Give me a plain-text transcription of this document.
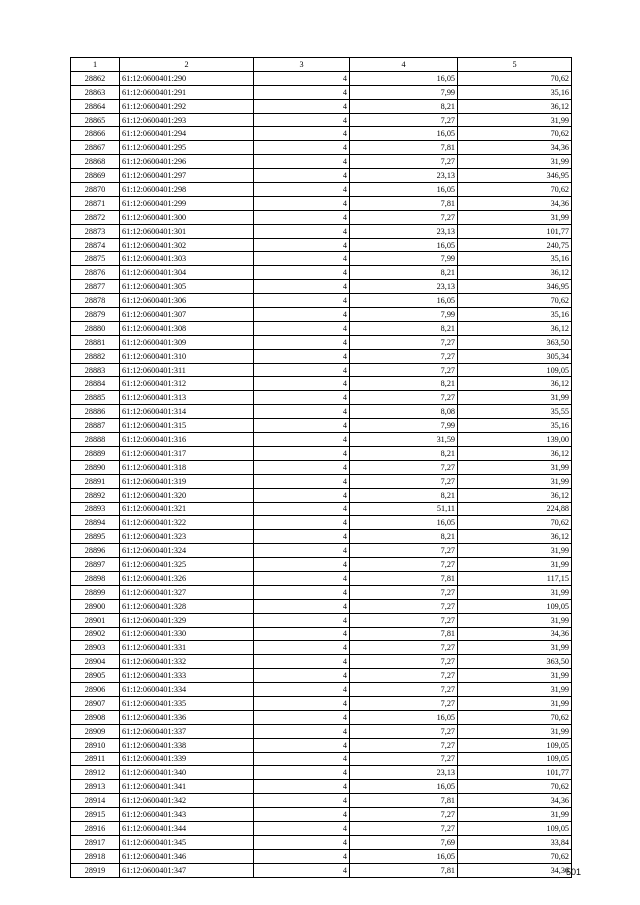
1	2	3	4	5
28862	61:12:0600401:290	4	16,05	70,62
28863	61:12:0600401:291	4	7,99	35,16
28864	61:12:0600401:292	4	8,21	36,12
28865	61:12:0600401:293	4	7,27	31,99
28866	61:12:0600401:294	4	16,05	70,62
28867	61:12:0600401:295	4	7,81	34,36
28868	61:12:0600401:296	4	7,27	31,99
28869	61:12:0600401:297	4	23,13	346,95
28870	61:12:0600401:298	4	16,05	70,62
28871	61:12:0600401:299	4	7,81	34,36
28872	61:12:0600401:300	4	7,27	31,99
28873	61:12:0600401:301	4	23,13	101,77
28874	61:12:0600401:302	4	16,05	240,75
28875	61:12:0600401:303	4	7,99	35,16
28876	61:12:0600401:304	4	8,21	36,12
28877	61:12:0600401:305	4	23,13	346,95
28878	61:12:0600401:306	4	16,05	70,62
28879	61:12:0600401:307	4	7,99	35,16
28880	61:12:0600401:308	4	8,21	36,12
28881	61:12:0600401:309	4	7,27	363,50
28882	61:12:0600401:310	4	7,27	305,34
28883	61:12:0600401:311	4	7,27	109,05
28884	61:12:0600401:312	4	8,21	36,12
28885	61:12:0600401:313	4	7,27	31,99
28886	61:12:0600401:314	4	8,08	35,55
28887	61:12:0600401:315	4	7,99	35,16
28888	61:12:0600401:316	4	31,59	139,00
28889	61:12:0600401:317	4	8,21	36,12
28890	61:12:0600401:318	4	7,27	31,99
28891	61:12:0600401:319	4	7,27	31,99
28892	61:12:0600401:320	4	8,21	36,12
28893	61:12:0600401:321	4	51,11	224,88
28894	61:12:0600401:322	4	16,05	70,62
28895	61:12:0600401:323	4	8,21	36,12
28896	61:12:0600401:324	4	7,27	31,99
28897	61:12:0600401:325	4	7,27	31,99
28898	61:12:0600401:326	4	7,81	117,15
28899	61:12:0600401:327	4	7,27	31,99
28900	61:12:0600401:328	4	7,27	109,05
28901	61:12:0600401:329	4	7,27	31,99
28902	61:12:0600401:330	4	7,81	34,36
28903	61:12:0600401:331	4	7,27	31,99
28904	61:12:0600401:332	4	7,27	363,50
28905	61:12:0600401:333	4	7,27	31,99
28906	61:12:0600401:334	4	7,27	31,99
28907	61:12:0600401:335	4	7,27	31,99
28908	61:12:0600401:336	4	16,05	70,62
28909	61:12:0600401:337	4	7,27	31,99
28910	61:12:0600401:338	4	7,27	109,05
28911	61:12:0600401:339	4	7,27	109,05
28912	61:12:0600401:340	4	23,13	101,77
28913	61:12:0600401:341	4	16,05	70,62
28914	61:12:0600401:342	4	7,81	34,36
28915	61:12:0600401:343	4	7,27	31,99
28916	61:12:0600401:344	4	7,27	109,05
28917	61:12:0600401:345	4	7,69	33,84
28918	61:12:0600401:346	4	16,05	70,62
28919	61:12:0600401:347	4	7,81	34,36
501
